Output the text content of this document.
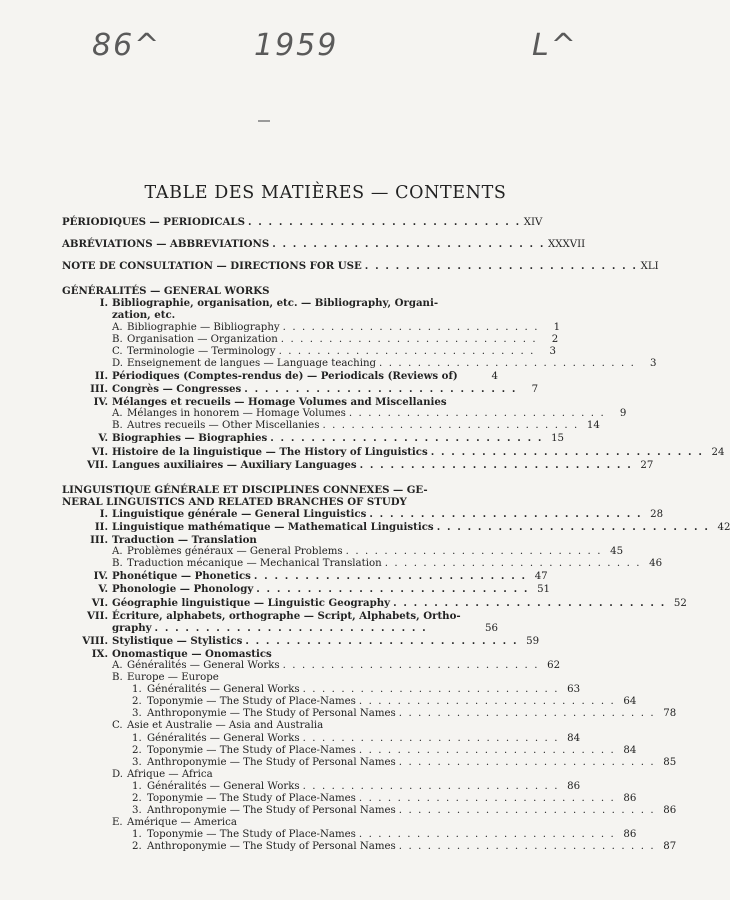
86^	1959	L^
TABLE DES MATIÈRES — CONTENTS
PÉRIODIQUES — PERIODICALS . . . . . . . . . . . . . . . . . . . . . . . . . . . XIV
ABRÉVIATIONS — ABBREVIATIONS . . . . . . . . . . . . . . . . . . . . . . . . . . . XXXVII
NOTE DE CONSULTATION — DIRECTIONS FOR USE . . . . . . . . . . . . . . . . . . . . . . . . . . . XLI
GÉNÉRALITÉS — GENERAL WORKS
I. Bibliographie, organisation, etc. — Bibliography, Organi-
zation, etc.
A. Bibliographie — Bibliography . . . . . . . . . . . . . . . . . . . . . . . . . . .	1
B. Organisation — Organization . . . . . . . . . . . . . . . . . . . . . . . . . . .	2
C. Terminologie — Terminology . . . . . . . . . . . . . . . . . . . . . . . . . . .	3
D. Enseignement de langues — Language teaching . . . . . . . . . . . . . . . . . . . . . . . . . . .	3
II. Périodiques (Comptes-rendus de) — Periodicals (Reviews of)	4
III. Congrès — Congresses . . . . . . . . . . . . . . . . . . . . . . . . . . .	7
IV. Mélanges et recueils — Homage Volumes and Miscellanies
A. Mélanges in honorem — Homage Volumes . . . . . . . . . . . . . . . . . . . . . . . . . . .	9
B. Autres recueils — Other Miscellanies . . . . . . . . . . . . . . . . . . . . . . . . . . . 14
V. Biographies — Biographies . . . . . . . . . . . . . . . . . . . . . . . . . . . 15
VI. Histoire de la linguistique — The History of Linguistics . . . . . . . . . . . . . . . . . . . . . . . . . . . 24
VII. Langues auxiliaires — Auxiliary Languages . . . . . . . . . . . . . . . . . . . . . . . . . . . 27
LINGUISTIQUE GÉNÉRALE ET DISCIPLINES CONNEXES — GE-
NERAL LINGUISTICS AND RELATED BRANCHES OF STUDY
I. Linguistique générale — General Linguistics . . . . . . . . . . . . . . . . . . . . . . . . . . . 28
II. Linguistique mathématique — Mathematical Linguistics . . . . . . . . . . . . . . . . . . . . . . . . . . . 42
III. Traduction — Translation
A. Problèmes généraux — General Problems . . . . . . . . . . . . . . . . . . . . . . . . . . . 45
B. Traduction mécanique — Mechanical Translation . . . . . . . . . . . . . . . . . . . . . . . . . . . 46
IV. Phonétique — Phonetics . . . . . . . . . . . . . . . . . . . . . . . . . . . 47
V. Phonologie — Phonology . . . . . . . . . . . . . . . . . . . . . . . . . . . 51
VI. Géographie linguistique — Linguistic Geography . . . . . . . . . . . . . . . . . . . . . . . . . . . 52
VII. Écriture, alphabets, orthographe — Script, Alphabets, Ortho-
graphy . . . . . . . . . . . . . . . . . . . . . . . . . . .	56
VIII. Stylistique — Stylistics . . . . . . . . . . . . . . . . . . . . . . . . . . . 59
IX. Onomastique — Onomastics
A. Généralités — General Works . . . . . . . . . . . . . . . . . . . . . . . . . . . 62
B. Europe — Europe
1. Généralités — General Works . . . . . . . . . . . . . . . . . . . . . . . . . . . 63
2. Toponymie — The Study of Place-Names . . . . . . . . . . . . . . . . . . . . . . . . . . . 64
3. Anthroponymie — The Study of Personal Names . . . . . . . . . . . . . . . . . . . . . . . . . . . 78
C. Asie et Australie — Asia and Australia
1. Généralités — General Works . . . . . . . . . . . . . . . . . . . . . . . . . . . 84
2. Toponymie — The Study of Place-Names . . . . . . . . . . . . . . . . . . . . . . . . . . . 84
3. Anthroponymie — The Study of Personal Names . . . . . . . . . . . . . . . . . . . . . . . . . . . 85
D. Afrique — Africa
1. Généralités — General Works . . . . . . . . . . . . . . . . . . . . . . . . . . . 86
2. Toponymie — The Study of Place-Names . . . . . . . . . . . . . . . . . . . . . . . . . . . 86
3. Anthroponymie — The Study of Personal Names . . . . . . . . . . . . . . . . . . . . . . . . . . . 86
E. Amérique — America
1. Toponymie — The Study of Place-Names . . . . . . . . . . . . . . . . . . . . . . . . . . . 86
2. Anthroponymie — The Study of Personal Names . . . . . . . . . . . . . . . . . . . . . . . . . . . 87
